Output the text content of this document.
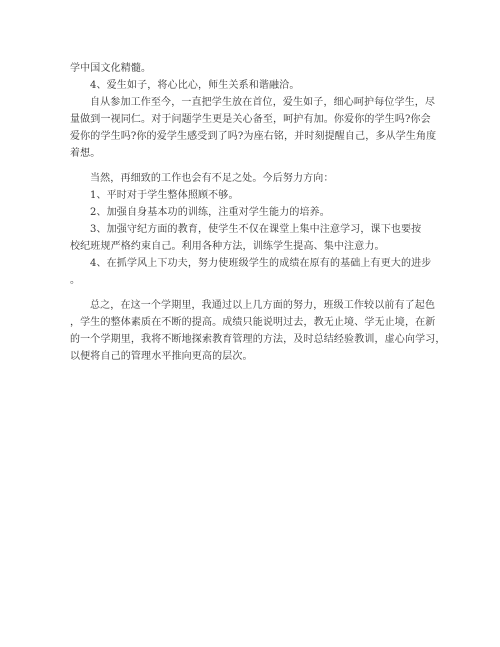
学中国文化精髓。
4、爱生如子，将心比心，师生关系和谐融洽。
自从参加工作至今，一直把学生放在首位，爱生如子，细心呵护每位学生，尽
量做到一视同仁。对于问题学生更是关心备至，呵护有加。你爱你的学生吗?你会
爱你的学生吗?你的爱学生感受到了吗?为座右铭，并时刻提醒自己，多从学生角度
着想。
当然，再细致的工作也会有不足之处。今后努力方向：
1、平时对于学生整体照顾不够。
2、加强自身基本功的训练，注重对学生能力的培养。
3、加强守纪方面的教育，使学生不仅在课堂上集中注意学习，课下也要按
校纪班规严格约束自己。利用各种方法，训练学生提高、集中注意力。
4、在抓学风上下功夫，努力使班级学生的成绩在原有的基础上有更大的进步
。
总之，在这一个学期里，我通过以上几方面的努力，班级工作较以前有了起色
，学生的整体素质在不断的提高。成绩只能说明过去，教无止境、学无止境，在新
的一个学期里，我将不断地探索教育管理的方法，及时总结经验教训，虚心向学习，
以便将自己的管理水平推向更高的层次。
